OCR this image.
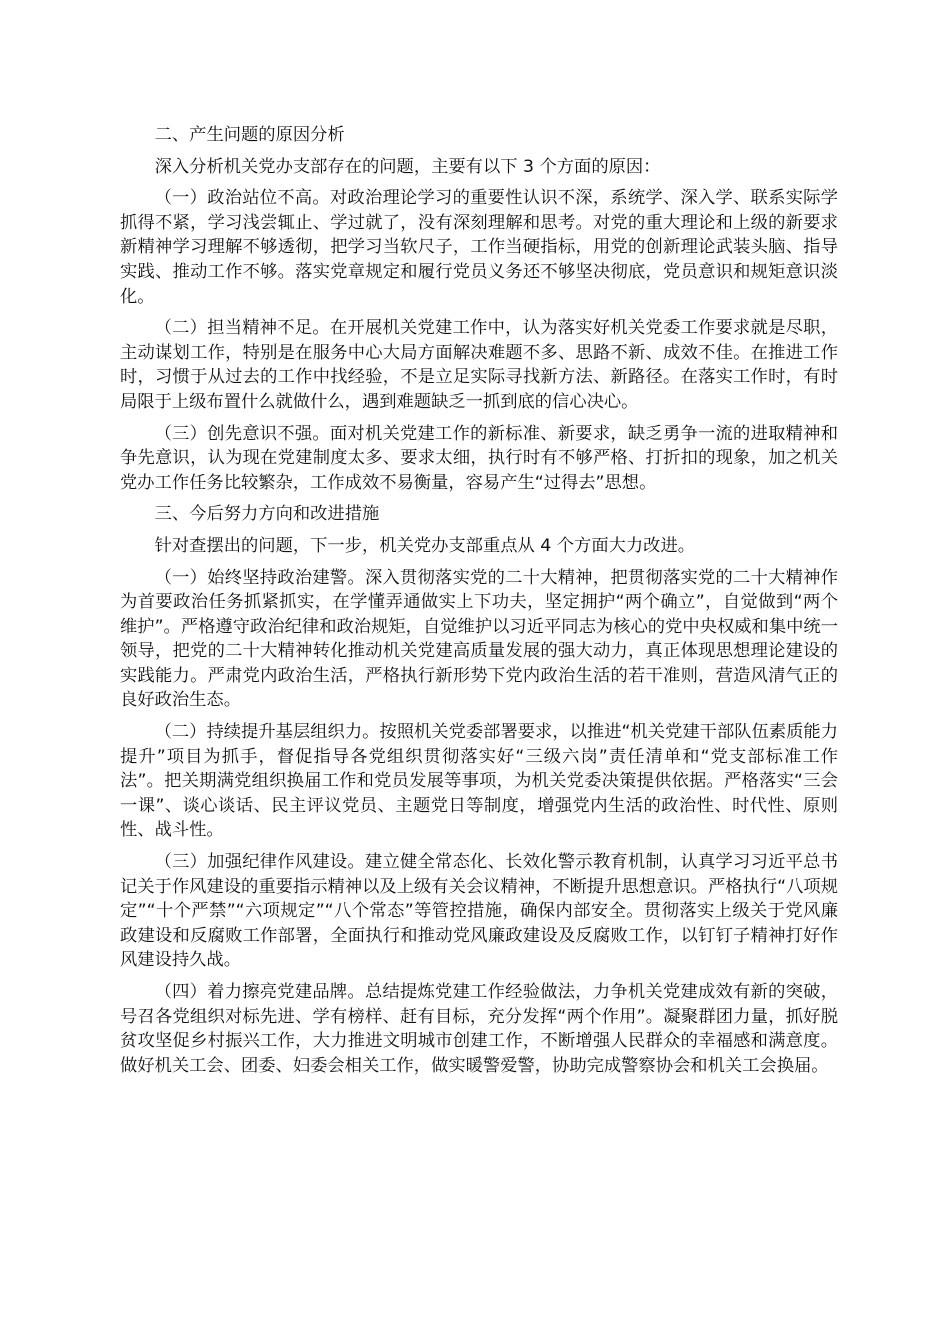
二、产生问题的原因分析

深入分析机关党办支部存在的问题，主要有以下 3 个方面的原因：

（一）政治站位不高。对政治理论学习的重要性认识不深，系统学、深入学、联系实际学抓得不紧，学习浅尝辄止、学过就了，没有深刻理解和思考。对党的重大理论和上级的新要求新精神学习理解不够透彻，把学习当软尺子，工作当硬指标，用党的创新理论武装头脑、指导实践、推动工作不够。落实党章规定和履行党员义务还不够坚决彻底，党员意识和规矩意识淡化。

（二）担当精神不足。在开展机关党建工作中，认为落实好机关党委工作要求就是尽职，主动谋划工作，特别是在服务中心大局方面解决难题不多、思路不新、成效不佳。在推进工作时，习惯于从过去的工作中找经验，不是立足实际寻找新方法、新路径。在落实工作时，有时局限于上级布置什么就做什么，遇到难题缺乏一抓到底的信心决心。

（三）创先意识不强。面对机关党建工作的新标准、新要求，缺乏勇争一流的进取精神和争先意识，认为现在党建制度太多、要求太细，执行时有不够严格、打折扣的现象，加之机关党办工作任务比较繁杂，工作成效不易衡量，容易产生“过得去”思想。

三、今后努力方向和改进措施

针对查摆出的问题，下一步，机关党办支部重点从 4 个方面大力改进。

（一）始终坚持政治建警。深入贯彻落实党的二十大精神，把贯彻落实党的二十大精神作为首要政治任务抓紧抓实，在学懂弄通做实上下功夫，坚定拥护“两个确立”，自觉做到“两个维护”。严格遵守政治纪律和政治规矩，自觉维护以习近平同志为核心的党中央权威和集中统一领导，把党的二十大精神转化推动机关党建高质量发展的强大动力，真正体现思想理论建设的实践能力。严肃党内政治生活，严格执行新形势下党内政治生活的若干准则，营造风清气正的良好政治生态。

（二）持续提升基层组织力。按照机关党委部署要求，以推进“机关党建干部队伍素质能力提升”项目为抓手，督促指导各党组织贯彻落实好“三级六岗”责任清单和“党支部标准工作法”。把关期满党组织换届工作和党员发展等事项，为机关党委决策提供依据。严格落实“三会一课”、谈心谈话、民主评议党员、主题党日等制度，增强党内生活的政治性、时代性、原则性、战斗性。

（三）加强纪律作风建设。建立健全常态化、长效化警示教育机制，认真学习习近平总书记关于作风建设的重要指示精神以及上级有关会议精神，不断提升思想意识。严格执行“八项规定”“十个严禁”“六项规定”“八个常态”等管控措施，确保内部安全。贯彻落实上级关于党风廉政建设和反腐败工作部署，全面执行和推动党风廉政建设及反腐败工作，以钉钉子精神打好作风建设持久战。

（四）着力擦亮党建品牌。总结提炼党建工作经验做法，力争机关党建成效有新的突破，号召各党组织对标先进、学有榜样、赶有目标，充分发挥“两个作用”。凝聚群团力量，抓好脱贫攻坚促乡村振兴工作，大力推进文明城市创建工作，不断增强人民群众的幸福感和满意度。做好机关工会、团委、妇委会相关工作，做实暖警爱警，协助完成警察协会和机关工会换届。
